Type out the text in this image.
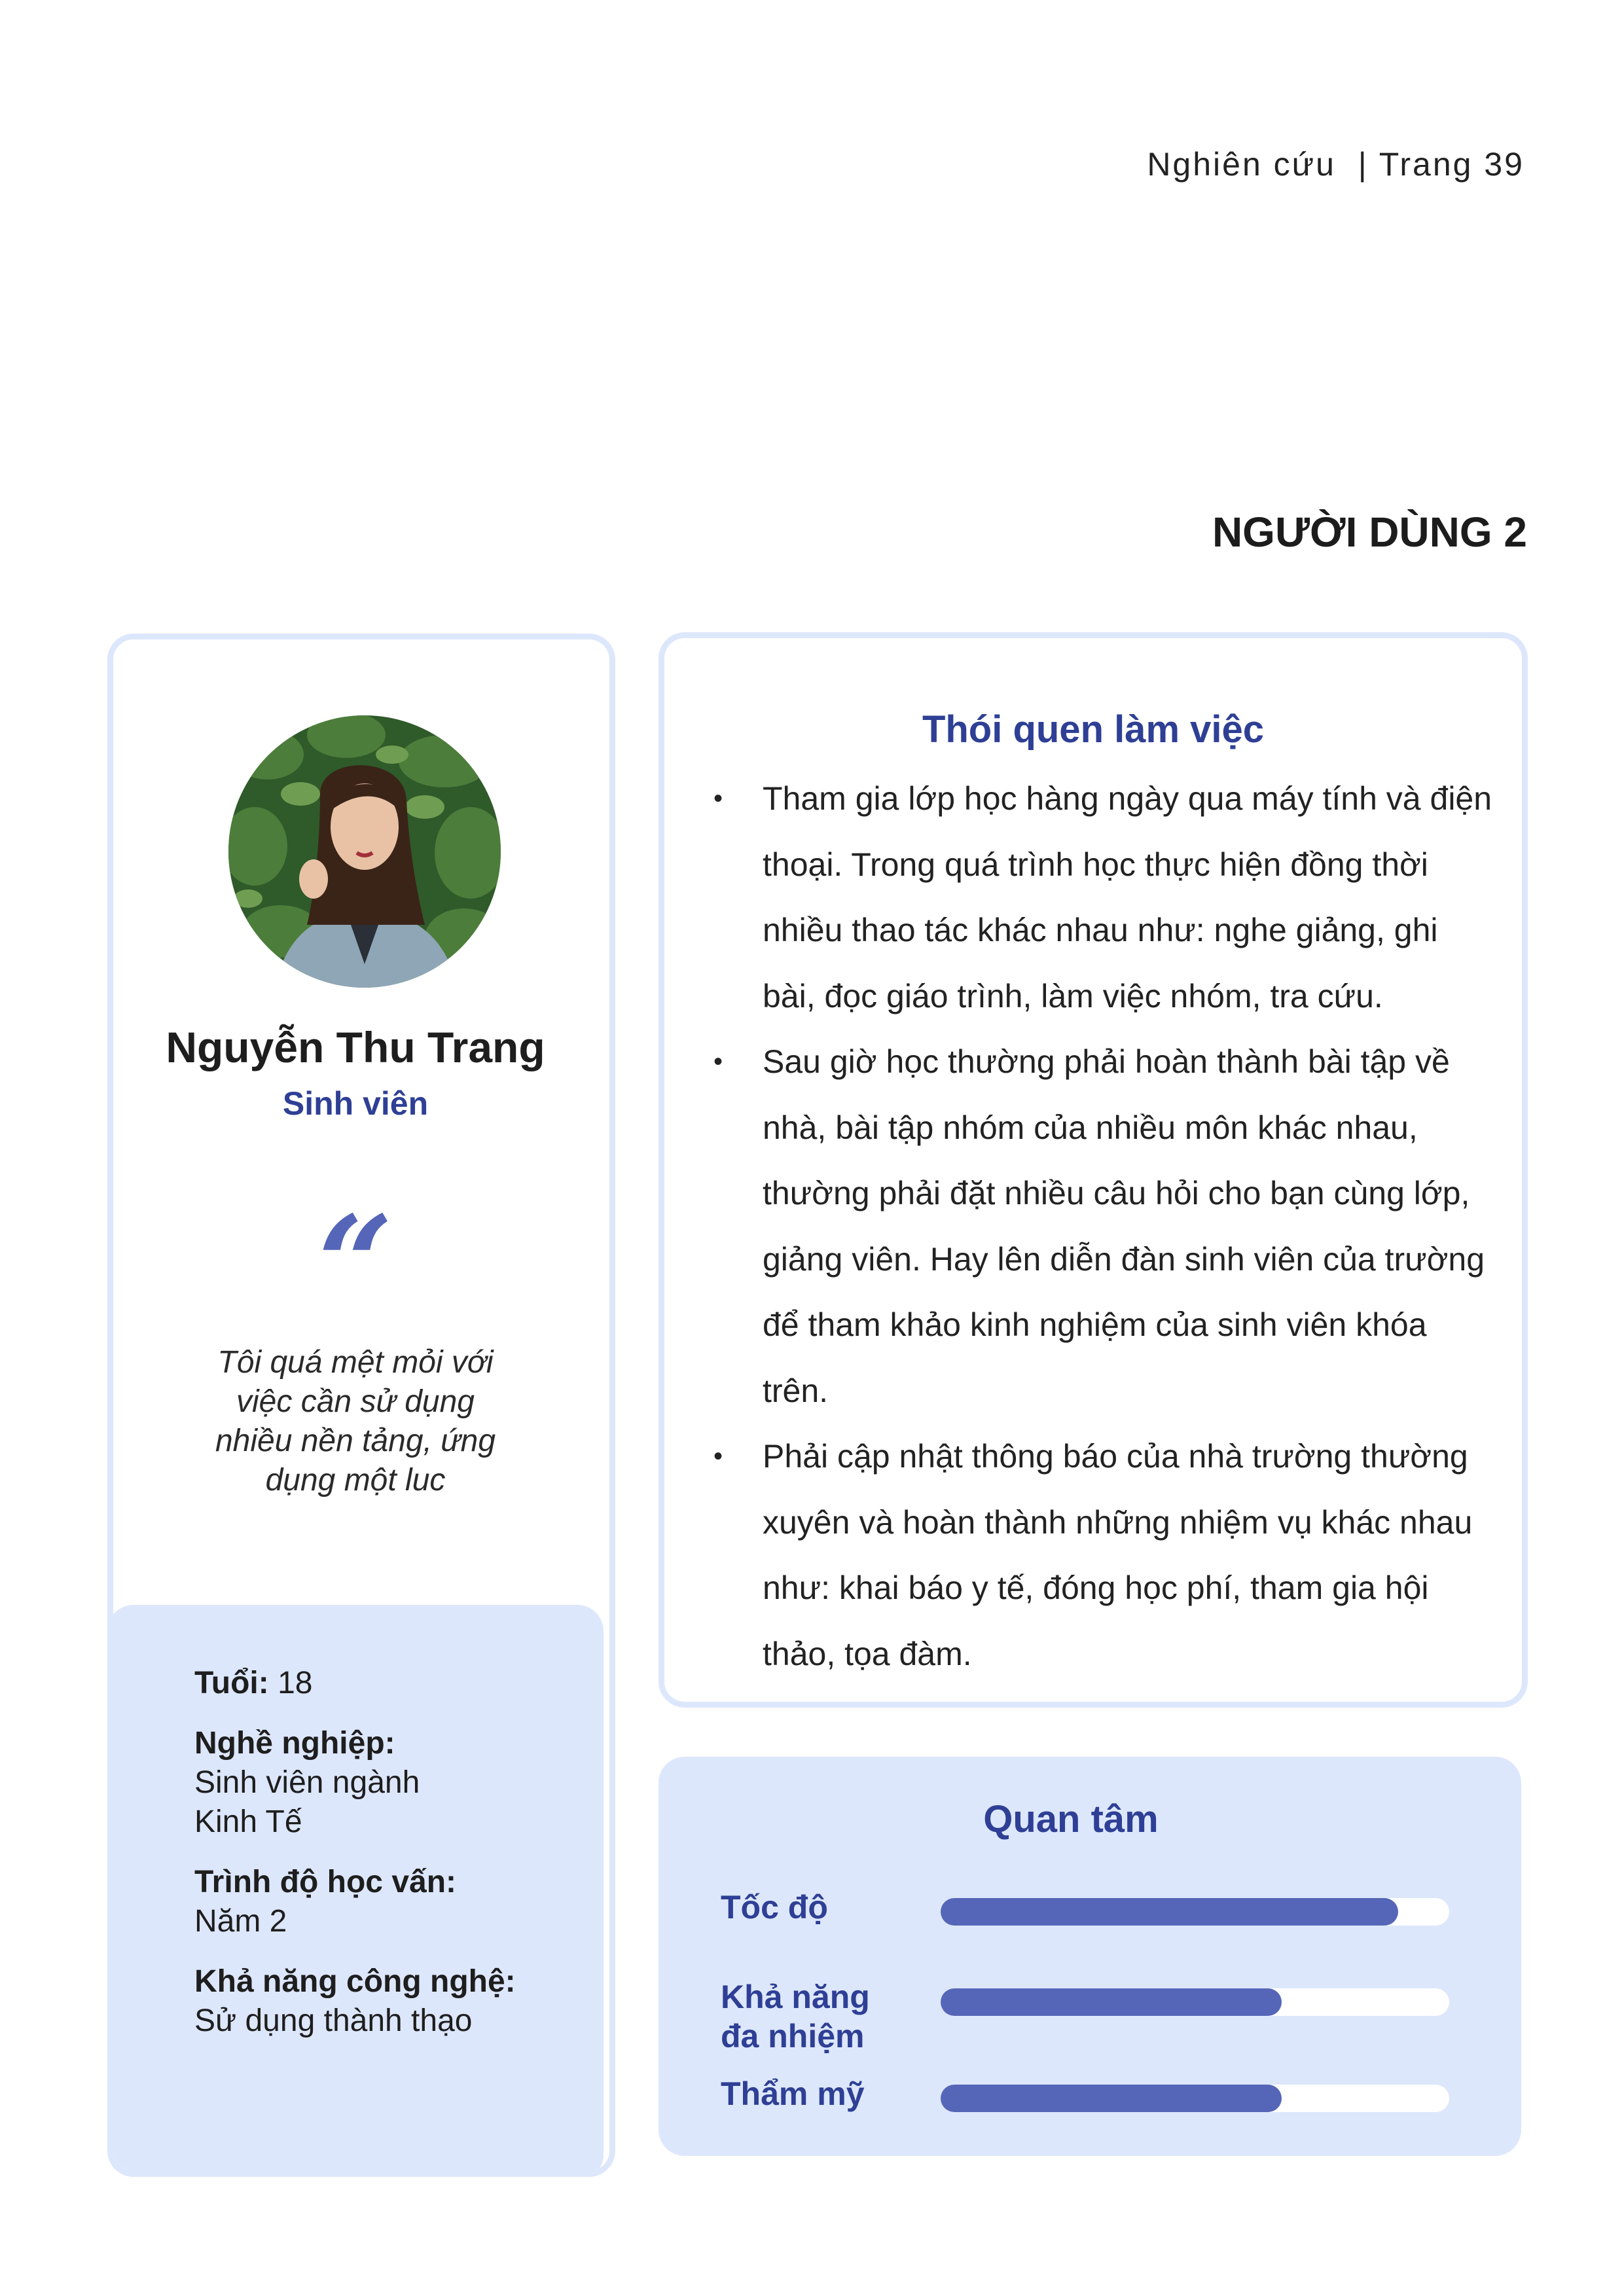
Nghiên cứu | Trang 39
NGƯỜI DÙNG 2
Nguyễn Thu Trang
Sinh viên
“
Tôi quá mệt mỏi với việc cần sử dụng nhiều nền tảng, ứng dụng một luc
Tuổi: 18
Nghề nghiệp:
Sinh viên ngành Kinh Tế
Trình độ học vấn:
Năm 2
Khả năng công nghệ:
Sử dụng thành thạo
Thói quen làm việc
• Tham gia lớp học hàng ngày qua máy tính và điện thoại. Trong quá trình học thực hiện đồng thời nhiều thao tác khác nhau như: nghe giảng, ghi bài, đọc giáo trình, làm việc nhóm, tra cứu.
• Sau giờ học thường phải hoàn thành bài tập về nhà, bài tập nhóm của nhiều môn khác nhau, thường phải đặt nhiều câu hỏi cho bạn cùng lớp, giảng viên. Hay lên diễn đàn sinh viên của trường để tham khảo kinh nghiệm của sinh viên khóa trên.
• Phải cập nhật thông báo của nhà trường thường xuyên và hoàn thành những nhiệm vụ khác nhau như: khai báo y tế, đóng học phí, tham gia hội thảo, tọa đàm.
Quan tâm
Tốc độ
Khả năng đa nhiệm
Thẩm mỹ
